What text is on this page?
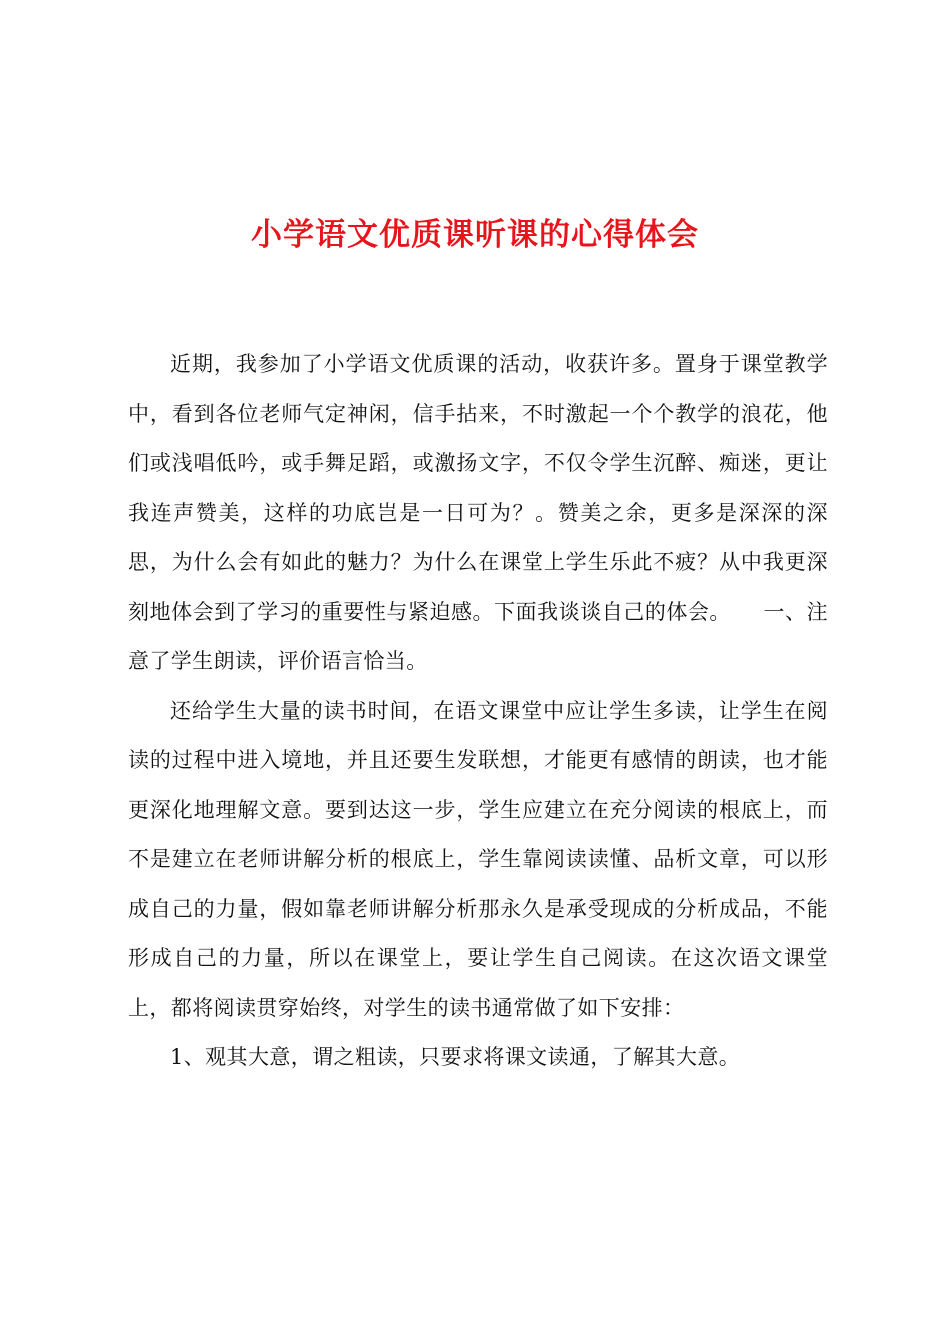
小学语文优质课听课的心得体会

近期，我参加了小学语文优质课的活动，收获许多。置身于课堂教学中，看到各位老师气定神闲，信手拈来，不时激起一个个教学的浪花，他们或浅唱低吟，或手舞足蹈，或激扬文字，不仅令学生沉醉、痴迷，更让我连声赞美，这样的功底岂是一日可为？。赞美之余，更多是深深的深思，为什么会有如此的魅力？为什么在课堂上学生乐此不疲？从中我更深刻地体会到了学习的重要性与紧迫感。下面我谈谈自己的体会。　　一、注意了学生朗读，评价语言恰当。

还给学生大量的读书时间，在语文课堂中应让学生多读，让学生在阅读的过程中进入境地，并且还要生发联想，才能更有感情的朗读，也才能更深化地理解文意。要到达这一步，学生应建立在充分阅读的根底上，而不是建立在老师讲解分析的根底上，学生靠阅读读懂、品析文章，可以形成自己的力量，假如靠老师讲解分析那永久是承受现成的分析成品，不能形成自己的力量，所以在课堂上，要让学生自己阅读。在这次语文课堂上，都将阅读贯穿始终，对学生的读书通常做了如下安排：

1、观其大意，谓之粗读，只要求将课文读通，了解其大意。
